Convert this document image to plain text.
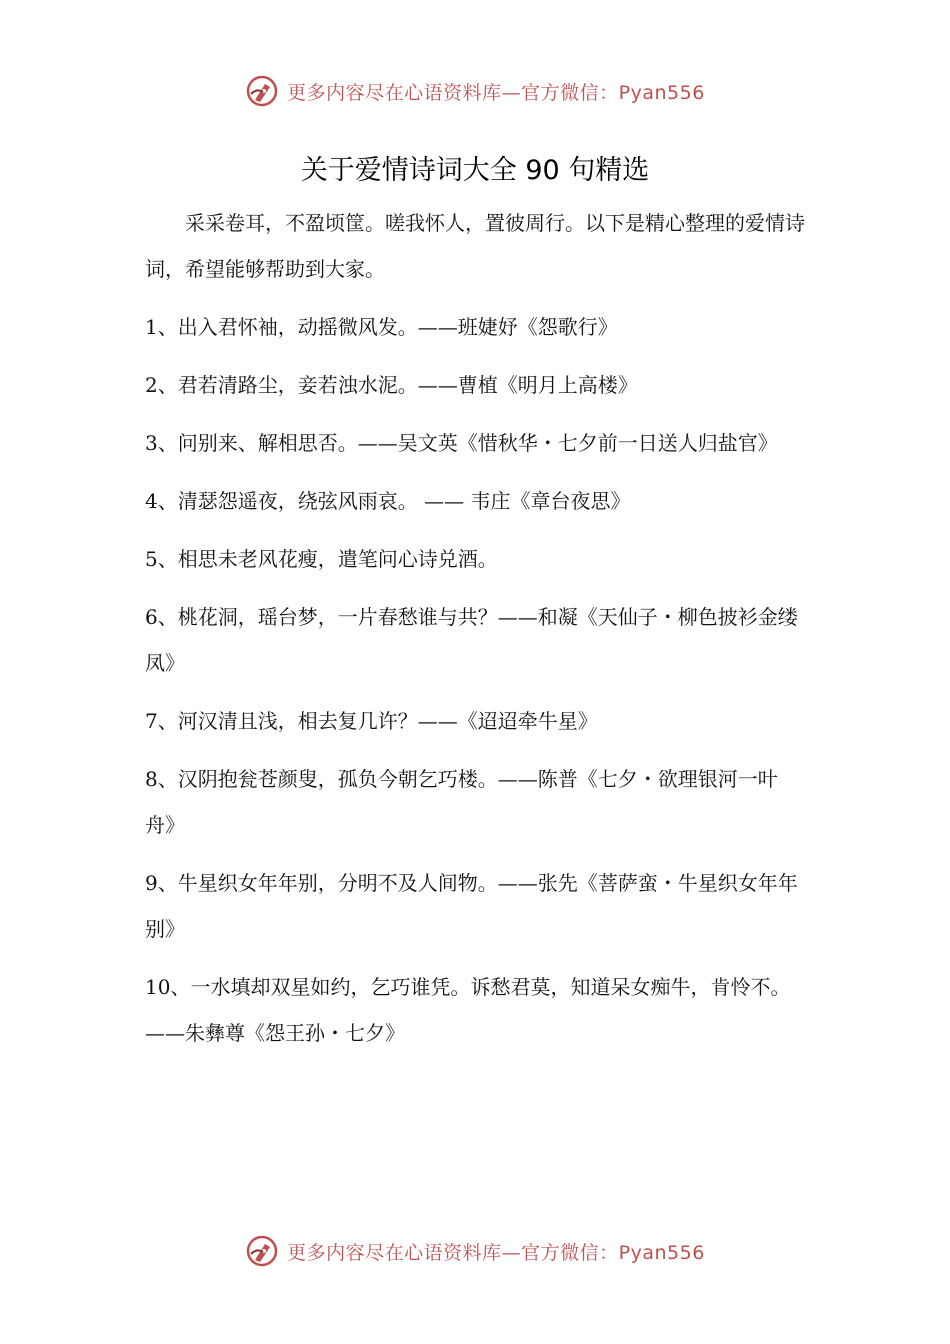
更多内容尽在心语资料库—官方微信：Pyan556
关于爱情诗词大全 90 句精选

采采卷耳，不盈顷筐。嗟我怀人，置彼周行。以下是精心整理的爱情诗词，希望能够帮助到大家。

1、出入君怀袖，动摇微风发。——班婕妤《怨歌行》

2、君若清路尘，妾若浊水泥。——曹植《明月上高楼》

3、问别来、解相思否。——吴文英《惜秋华・七夕前一日送人归盐官》

4、清瑟怨遥夜，绕弦风雨哀。 —— 韦庄《章台夜思》

5、相思未老风花瘦，遣笔问心诗兑酒。

6、桃花洞，瑶台梦，一片春愁谁与共？——和凝《天仙子・柳色披衫金缕凤》

7、河汉清且浅，相去复几许？——《迢迢牵牛星》

8、汉阴抱瓮苍颜叟，孤负今朝乞巧楼。——陈普《七夕・欲理银河一叶舟》

9、牛星织女年年别，分明不及人间物。——张先《菩萨蛮・牛星织女年年别》

10、一水填却双星如约，乞巧谁凭。诉愁君莫，知道呆女痴牛，肯怜不。——朱彝尊《怨王孙・七夕》

更多内容尽在心语资料库—官方微信：Pyan556
